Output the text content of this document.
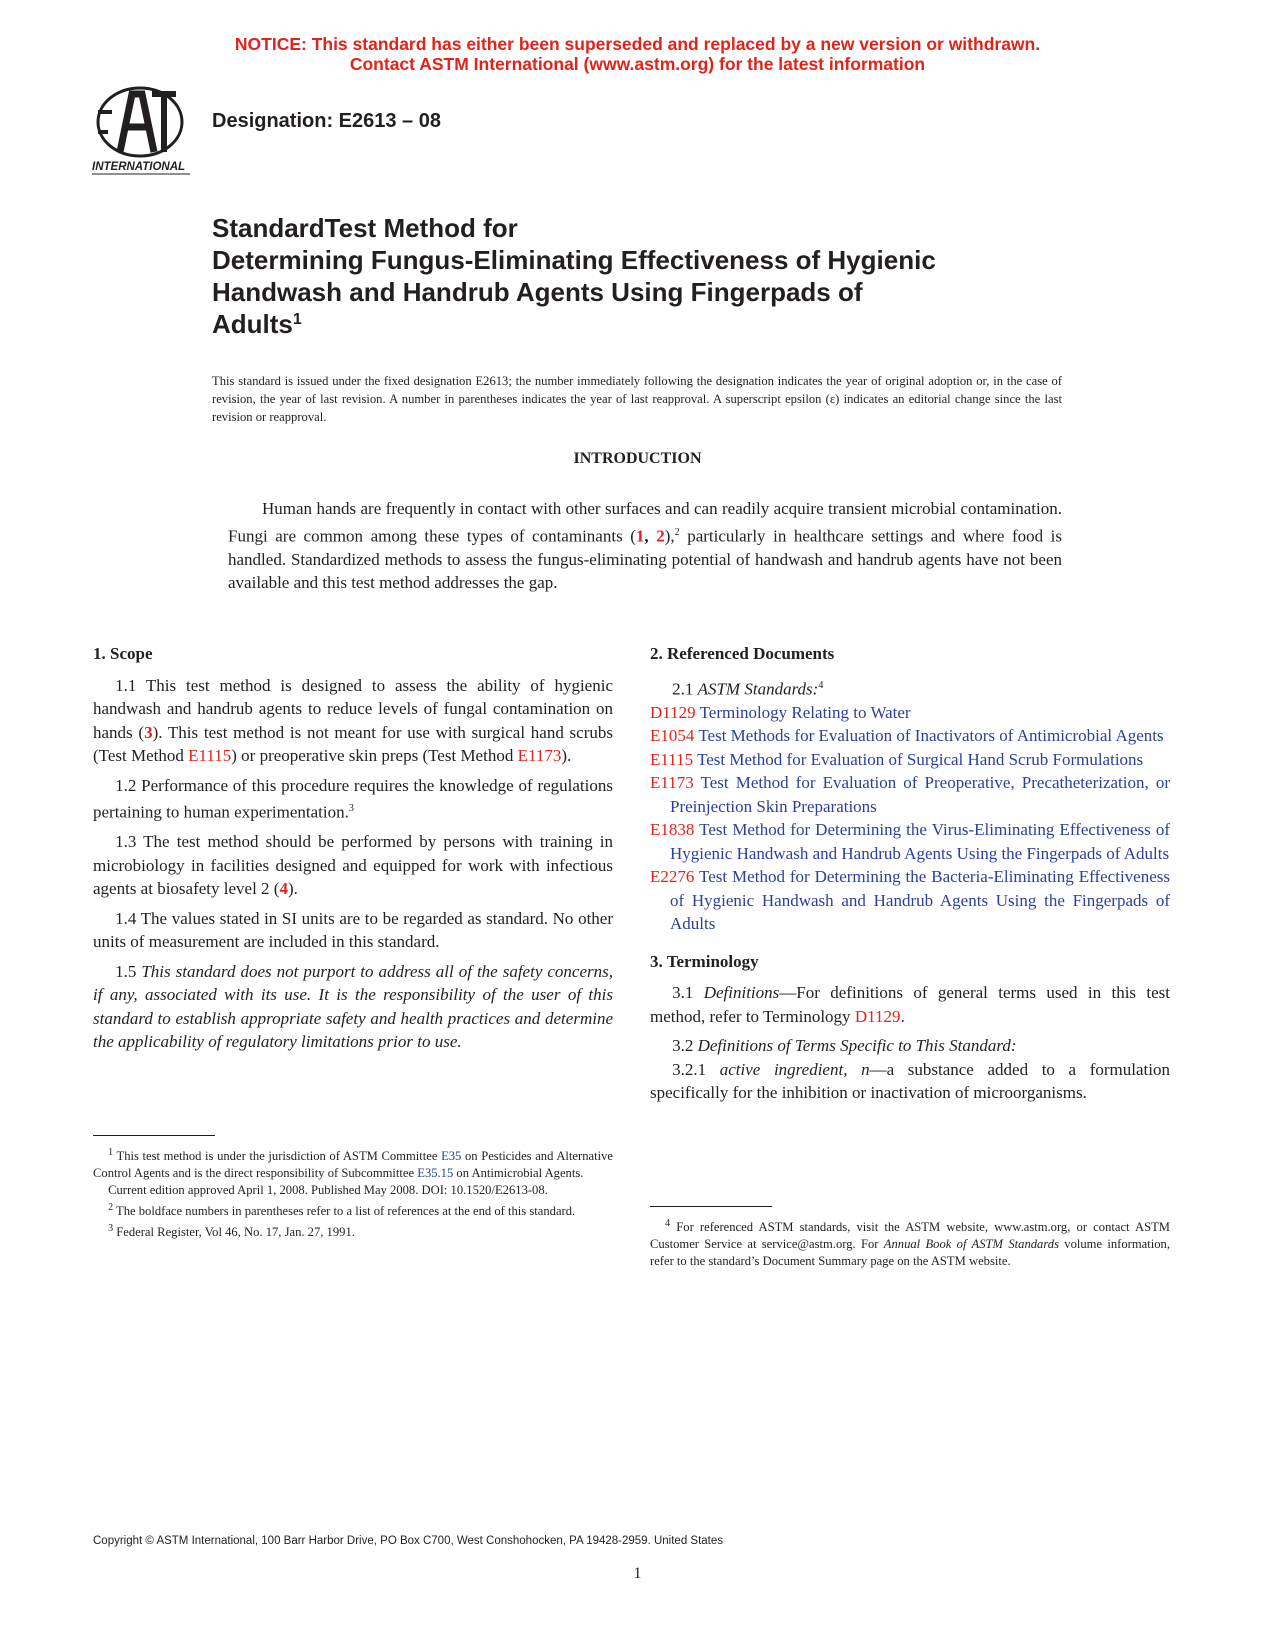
NOTICE: This standard has either been superseded and replaced by a new version or withdrawn.
Contact ASTM International (www.astm.org) for the latest information
INTERNATIONAL
Designation: E2613 – 08
StandardTest Method for
Determining Fungus-Eliminating Effectiveness of Hygienic
Handwash and Handrub Agents Using Fingerpads of
Adults$^1$
This standard is issued under the fixed designation E2613; the number immediately following the designation indicates the year of original adoption or, in the case of revision, the year of last revision. A number in parentheses indicates the year of last reapproval. A superscript epsilon (ε) indicates an editorial change since the last revision or reapproval.
INTRODUCTION
Human hands are frequently in contact with other surfaces and can readily acquire transient microbial contamination. Fungi are common among these types of contaminants (1, 2),$^2$ particularly in healthcare settings and where food is handled. Standardized methods to assess the fungus-eliminating potential of handwash and handrub agents have not been available and this test method addresses the gap.
1. Scope

1.1 This test method is designed to assess the ability of hygienic handwash and handrub agents to reduce levels of fungal contamination on hands (3). This test method is not meant for use with surgical hand scrubs (Test Method E1115) or preoperative skin preps (Test Method E1173).

1.2 Performance of this procedure requires the knowledge of regulations pertaining to human experimentation.$^3$

1.3 The test method should be performed by persons with training in microbiology in facilities designed and equipped for work with infectious agents at biosafety level 2 (4).

1.4 The values stated in SI units are to be regarded as standard. No other units of measurement are included in this standard.

1.5 This standard does not purport to address all of the safety concerns, if any, associated with its use. It is the responsibility of the user of this standard to establish appropriate safety and health practices and determine the applicability of regulatory limitations prior to use.

$^1$ This test method is under the jurisdiction of ASTM Committee E35 on Pesticides and Alternative Control Agents and is the direct responsibility of Subcommittee E35.15 on Antimicrobial Agents.

Current edition approved April 1, 2008. Published May 2008. DOI: 10.1520/E2613-08.

$^2$ The boldface numbers in parentheses refer to a list of references at the end of this standard.

$^3$ Federal Register, Vol 46, No. 17, Jan. 27, 1991.

2. Referenced Documents

2.1 ASTM Standards:$^4$

D1129 Terminology Relating to Water

E1054 Test Methods for Evaluation of Inactivators of Antimicrobial Agents

E1115 Test Method for Evaluation of Surgical Hand Scrub Formulations

E1173 Test Method for Evaluation of Preoperative, Precatheterization, or Preinjection Skin Preparations

E1838 Test Method for Determining the Virus-Eliminating Effectiveness of Hygienic Handwash and Handrub Agents Using the Fingerpads of Adults

E2276 Test Method for Determining the Bacteria-Eliminating Effectiveness of Hygienic Handwash and Handrub Agents Using the Fingerpads of Adults

3. Terminology

3.1 Definitions—For definitions of general terms used in this test method, refer to Terminology D1129.

3.2 Definitions of Terms Specific to This Standard:

3.2.1 active ingredient, n—a substance added to a formulation specifically for the inhibition or inactivation of microorganisms.

$^4$ For referenced ASTM standards, visit the ASTM website, www.astm.org, or contact ASTM Customer Service at service@astm.org. For Annual Book of ASTM Standards volume information, refer to the standard’s Document Summary page on the ASTM website.

Copyright © ASTM International, 100 Barr Harbor Drive, PO Box C700, West Conshohocken, PA 19428-2959. United States
1
